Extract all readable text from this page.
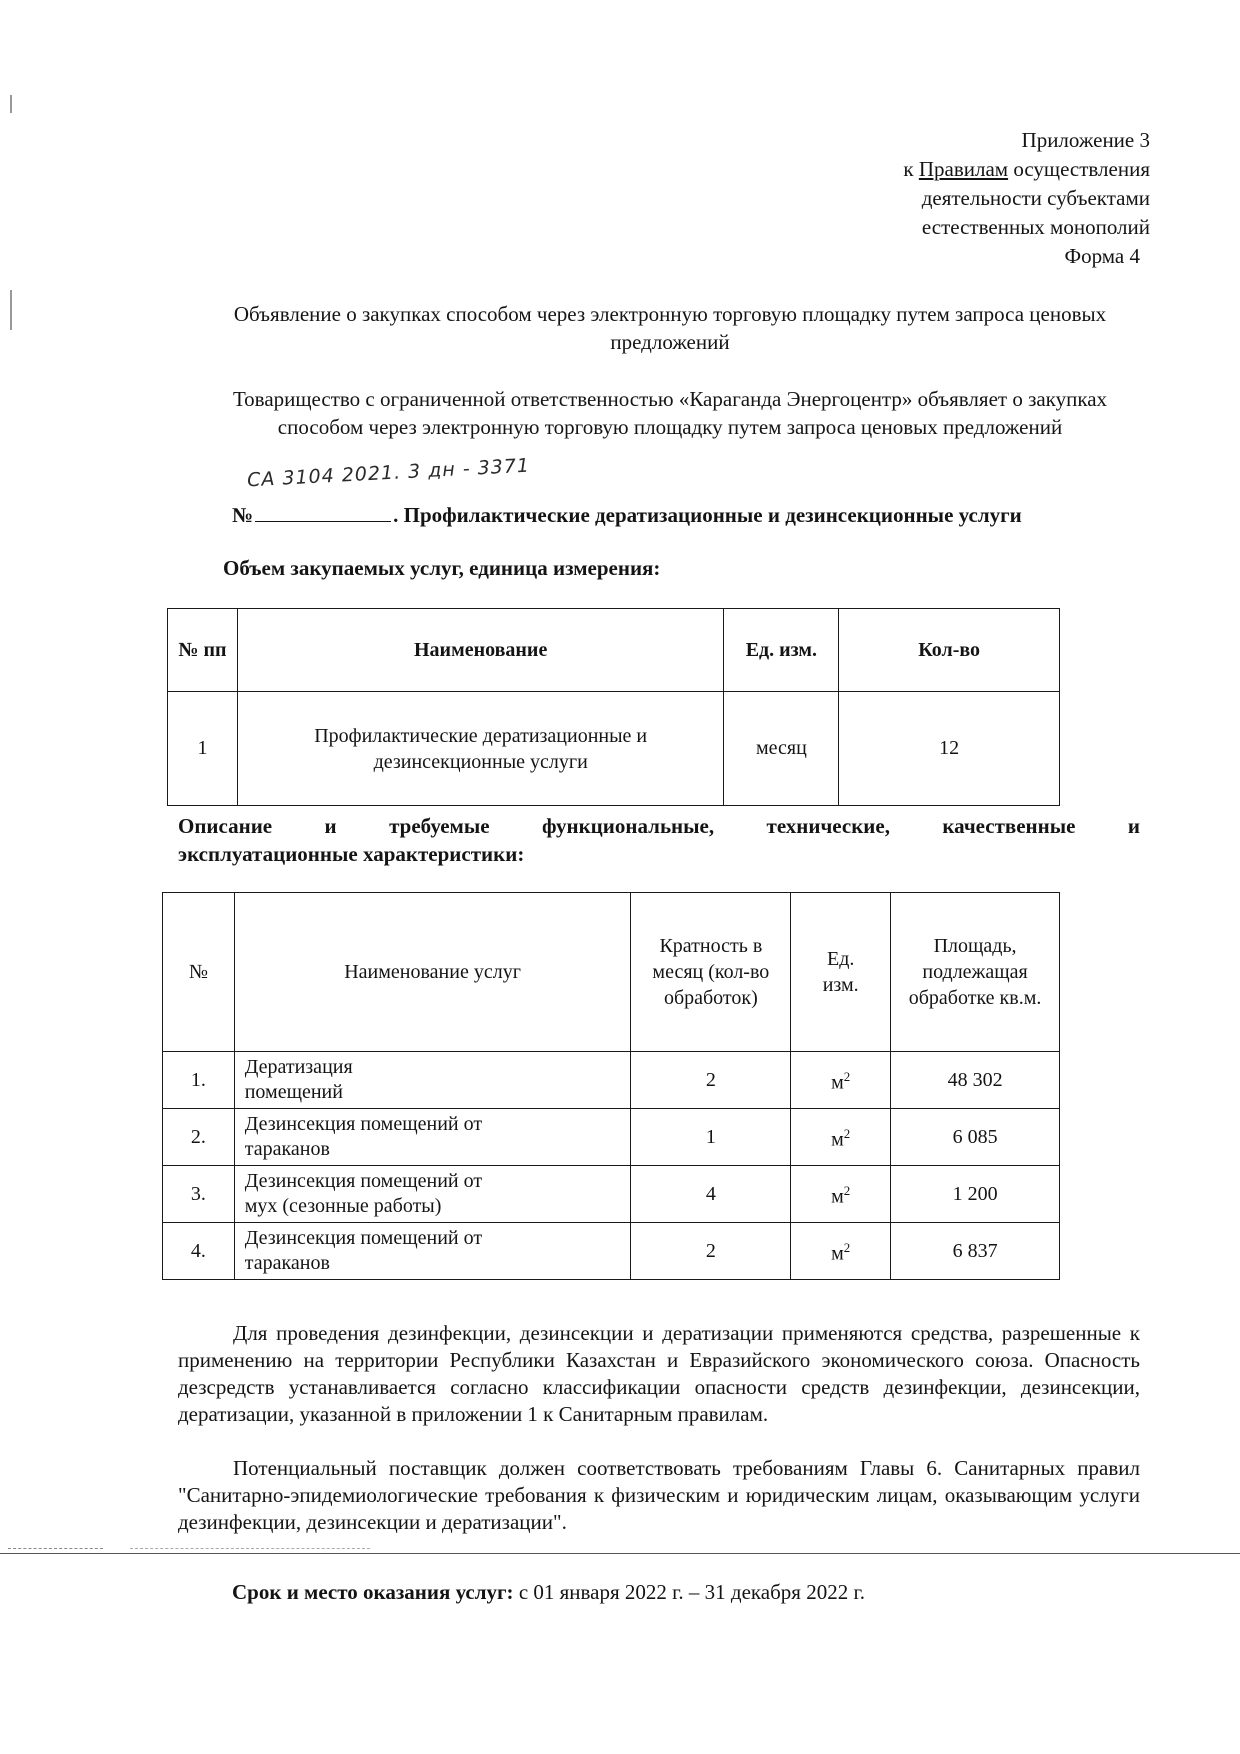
Приложение 3
к Правилам осуществления
деятельности субъектами
естественных монополий
Форма 4
Объявление о закупках способом через электронную торговую площадку путем запроса ценовых предложений
Товарищество с ограниченной ответственностью «Караганда Энергоцентр» объявляет о закупках способом через электронную торговую площадку путем запроса ценовых предложений
СА 3104 2021. 3 дн - 3371
№	. Профилактические дератизационные и дезинсекционные услуги
Объем закупаемых услуг, единица измерения:
№ пп	Наименование	Ед. изм.	Кол-во
1	Профилактические дератизационные и дезинсекционные услуги	месяц	12
Описание и требуемые функциональные, технические, качественные и
эксплуатационные характеристики:
№	Наименование услуг	Кратность в месяц (кол-во обработок)	Ед. изм.	Площадь, подлежащая обработке кв.м.
1.	Дератизация помещений	2	$м^2$	48 302
2.	Дезинсекция помещений от тараканов	1	$м^2$	6 085
3.	Дезинсекция помещений от мух (сезонные работы)	4	$м^2$	1 200
4.	Дезинсекция помещений от тараканов	2	$м^2$	6 837
Для проведения дезинфекции, дезинсекции и дератизации применяются средства, разрешенные к применению на территории Республики Казахстан и Евразийского экономического союза. Опасность дезсредств устанавливается согласно классификации опасности средств дезинфекции, дезинсекции, дератизации, указанной в приложении 1 к Санитарным правилам.
Потенциальный поставщик должен соответствовать требованиям Главы 6. Санитарных правил "Санитарно-эпидемиологические требования к физическим и юридическим лицам, оказывающим услуги дезинфекции, дезинсекции и дератизации".
Срок и место оказания услуг: с 01 января 2022 г. – 31 декабря 2022 г.
